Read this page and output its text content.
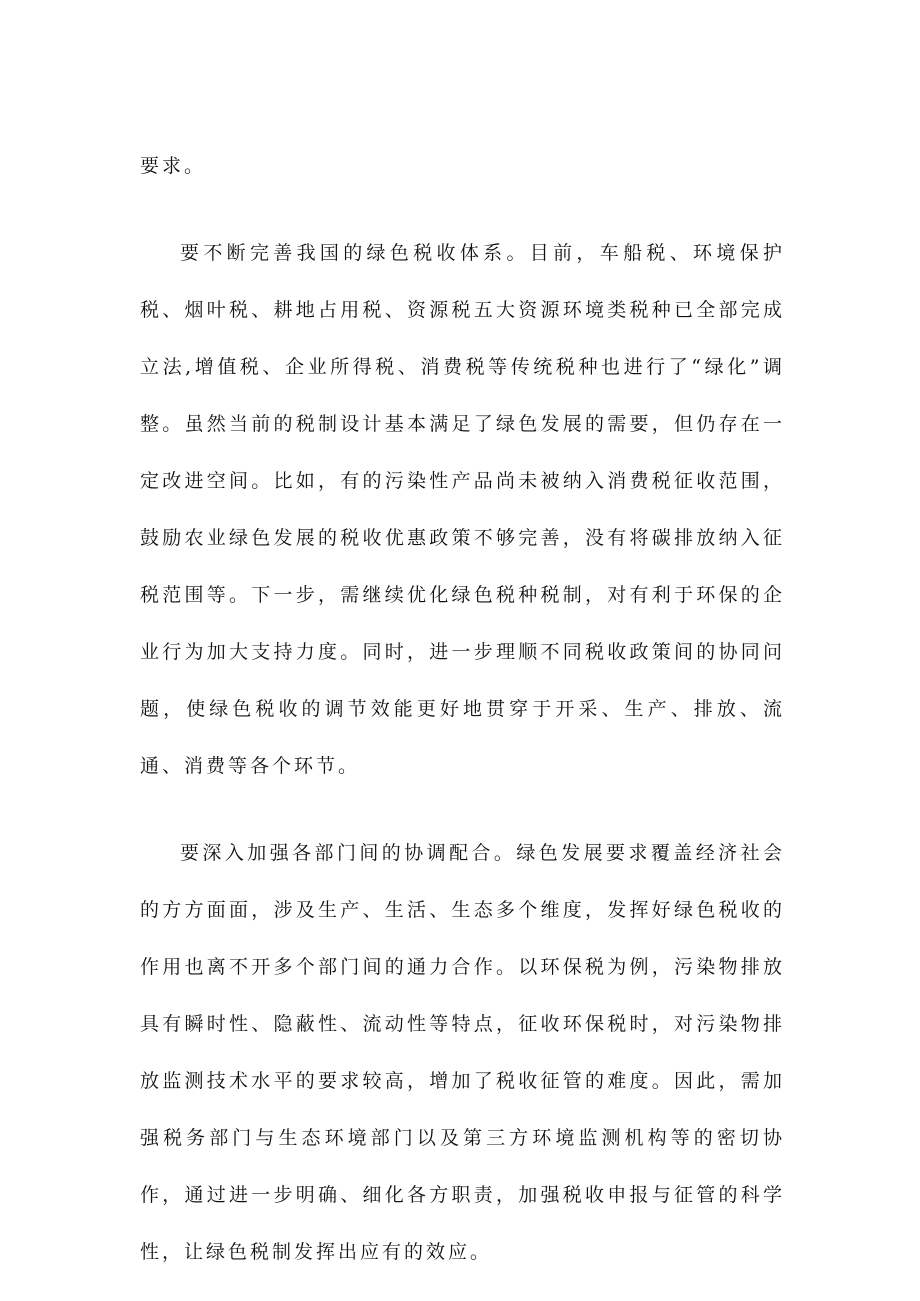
要求。

要不断完善我国的绿色税收体系。目前，车船税、环境保护税、烟叶税、耕地占用税、资源税五大资源环境类税种已全部完成立法,增值税、企业所得税、消费税等传统税种也进行了“绿化”调整。虽然当前的税制设计基本满足了绿色发展的需要，但仍存在一定改进空间。比如，有的污染性产品尚未被纳入消费税征收范围，鼓励农业绿色发展的税收优惠政策不够完善，没有将碳排放纳入征税范围等。下一步，需继续优化绿色税种税制，对有利于环保的企业行为加大支持力度。同时，进一步理顺不同税收政策间的协同问题，使绿色税收的调节效能更好地贯穿于开采、生产、排放、流通、消费等各个环节。

要深入加强各部门间的协调配合。绿色发展要求覆盖经济社会的方方面面，涉及生产、生活、生态多个维度，发挥好绿色税收的作用也离不开多个部门间的通力合作。以环保税为例，污染物排放具有瞬时性、隐蔽性、流动性等特点，征收环保税时，对污染物排放监测技术水平的要求较高，增加了税收征管的难度。因此，需加强税务部门与生态环境部门以及第三方环境监测机构等的密切协作，通过进一步明确、细化各方职责，加强税收申报与征管的科学性，让绿色税制发挥出应有的效应。
